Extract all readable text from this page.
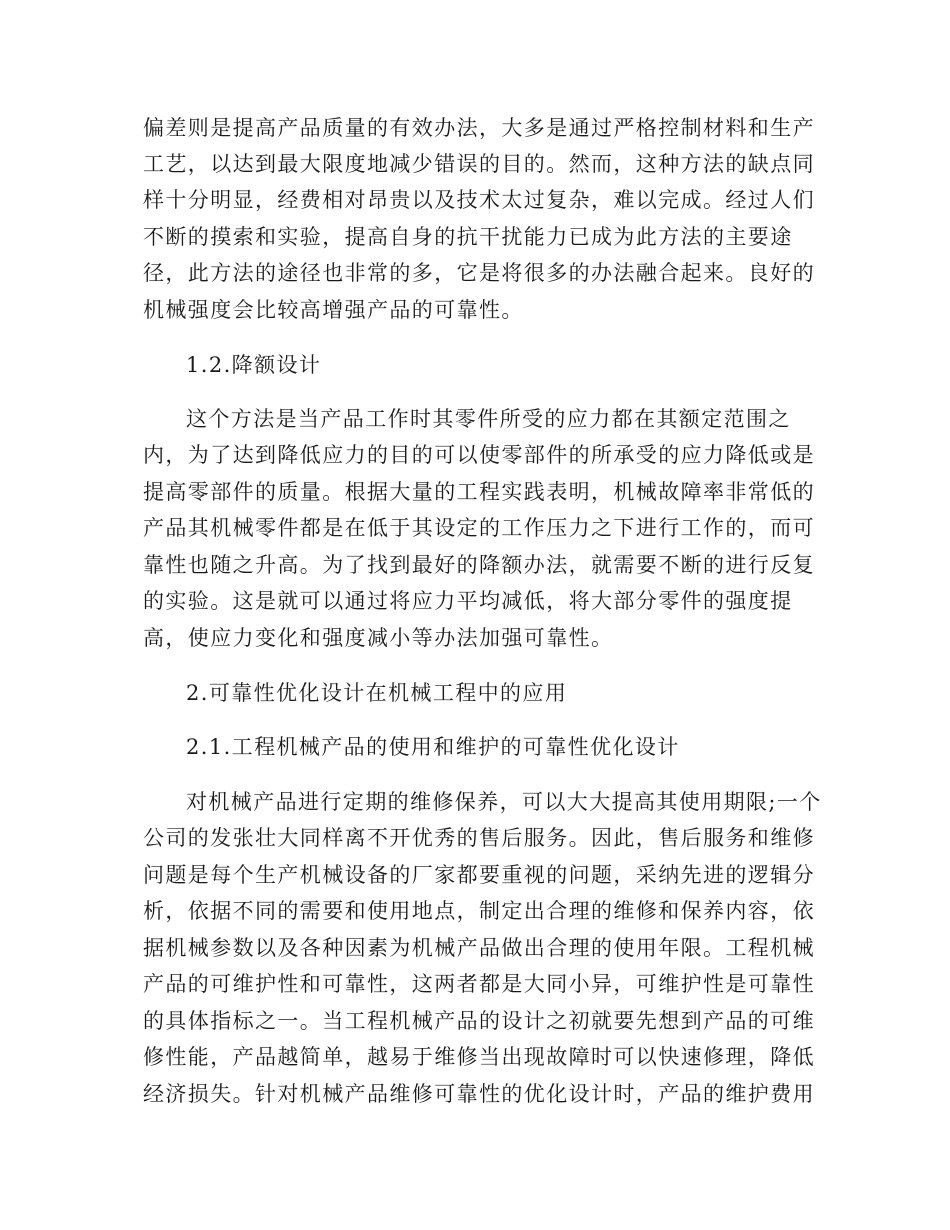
偏差则是提高产品质量的有效办法，大多是通过严格控制材料和生产
工艺，以达到最大限度地减少错误的目的。然而，这种方法的缺点同
样十分明显，经费相对昂贵以及技术太过复杂，难以完成。经过人们
不断的摸索和实验，提高自身的抗干扰能力已成为此方法的主要途
径，此方法的途径也非常的多，它是将很多的办法融合起来。良好的
机械强度会比较高增强产品的可靠性。
1.2.降额设计
这个方法是当产品工作时其零件所受的应力都在其额定范围之
内，为了达到降低应力的目的可以使零部件的所承受的应力降低或是
提高零部件的质量。根据大量的工程实践表明，机械故障率非常低的
产品其机械零件都是在低于其设定的工作压力之下进行工作的，而可
靠性也随之升高。为了找到最好的降额办法，就需要不断的进行反复
的实验。这是就可以通过将应力平均减低，将大部分零件的强度提
高，使应力变化和强度减小等办法加强可靠性。
2.可靠性优化设计在机械工程中的应用
2.1.工程机械产品的使用和维护的可靠性优化设计
对机械产品进行定期的维修保养，可以大大提高其使用期限;一个
公司的发张壮大同样离不开优秀的售后服务。因此，售后服务和维修
问题是每个生产机械设备的厂家都要重视的问题，采纳先进的逻辑分
析，依据不同的需要和使用地点，制定出合理的维修和保养内容，依
据机械参数以及各种因素为机械产品做出合理的使用年限。工程机械
产品的可维护性和可靠性，这两者都是大同小异，可维护性是可靠性
的具体指标之一。当工程机械产品的设计之初就要先想到产品的可维
修性能，产品越简单，越易于维修当出现故障时可以快速修理，降低
经济损失。针对机械产品维修可靠性的优化设计时，产品的维护费用
